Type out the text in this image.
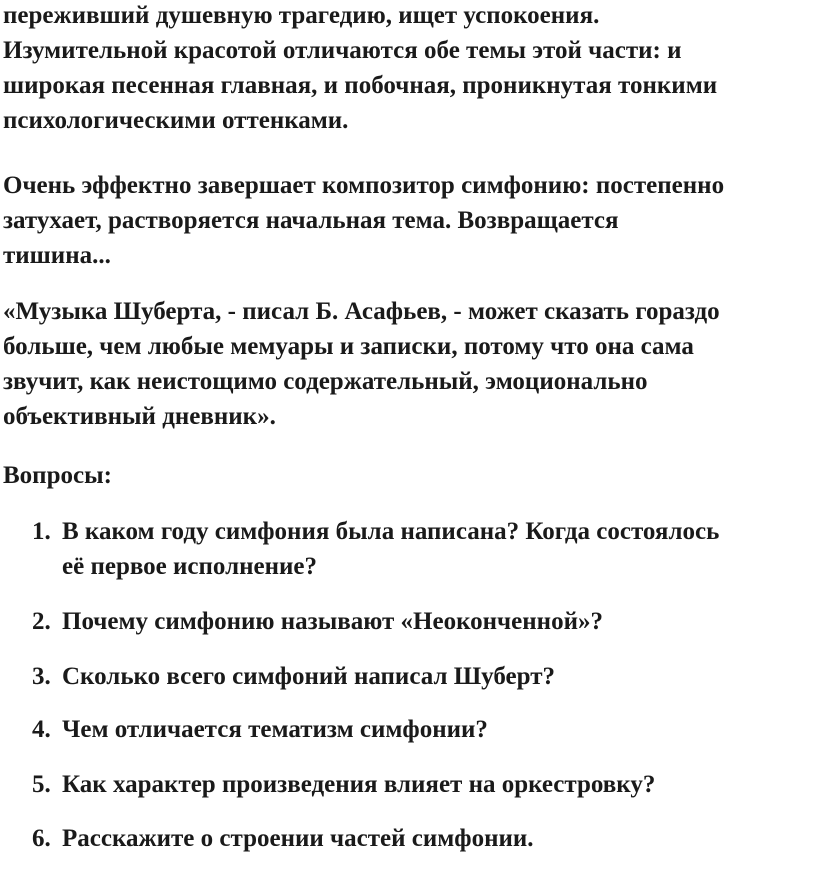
переживший душевную трагедию, ищет успокоения.
Изумительной красотой отличаются обе темы этой части: и
широкая песенная главная, и побочная, проникнутая тонкими
психологическими оттенками.

Очень эффектно завершает композитор симфонию: постепенно
затухает, растворяется начальная тема. Возвращается
тишина...

«Музыка Шуберта, - писал Б. Асафьев, - может сказать гораздо
больше, чем любые мемуары и записки, потому что она сама
звучит, как неистощимо содержательный, эмоционально
объективный дневник».

Вопросы:

1. В каком году симфония была написана? Когда состоялось
её первое исполнение?
2. Почему симфонию называют «Неоконченной»?
3. Сколько всего симфоний написал Шуберт?
4. Чем отличается тематизм симфонии?
5. Как характер произведения влияет на оркестровку?
6. Расскажите о строении частей симфонии.
